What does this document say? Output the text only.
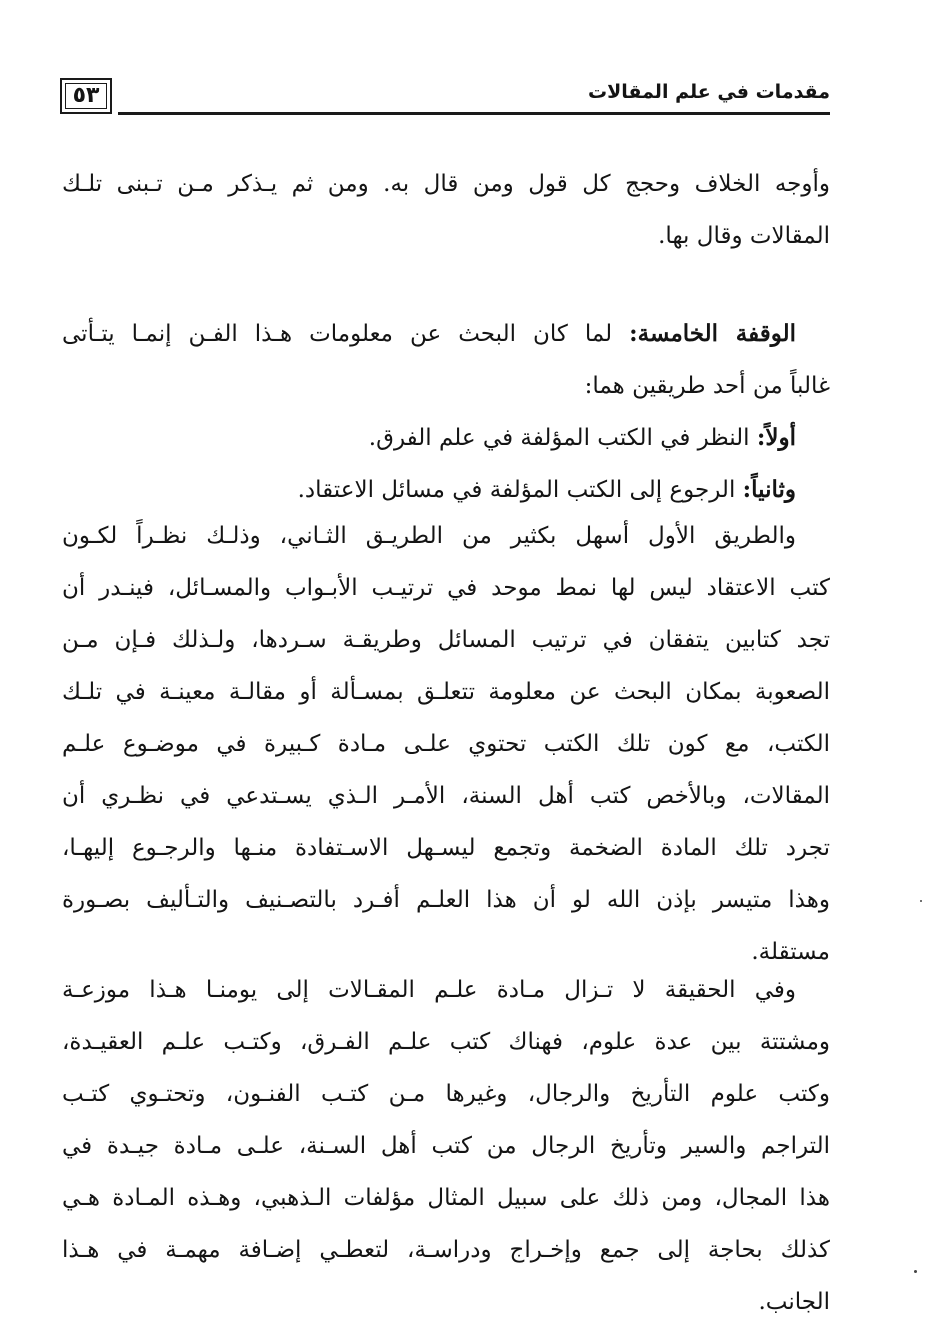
٥٣	مقدمات في علم المقالات
وأوجه الخلاف وحجج كل قول ومن قال به. ومن ثم يـذكر مـن تـبنى تلـك
المقالات وقال بها.
الوقفة الخامسة: لما كان البحث عن معلومات هـذا الفـن إنمـا يتـأتى
غالباً من أحد طريقين هما:
أولاً: النظر في الكتب المؤلفة في علم الفرق.
وثانياً: الرجوع إلى الكتب المؤلفة في مسائل الاعتقاد.
والطريق الأول أسهل بكثير من الطريـق الثـاني، وذلـك نظـراً لكـون
كتب الاعتقاد ليس لها نمط موحد في ترتيـب الأبـواب والمسـائل، فينـدر أن
تجد كتابين يتفقان في ترتيب المسائل وطريقـة سـردها، ولـذلك فـإن مـن
الصعوبة بمكان البحث عن معلومة تتعلـق بمسـألة أو مقالـة معينـة في تلـك
الكتب، مع كون تلك الكتب تحتوي علـى مـادة كـبيرة في موضـوع علـم
المقالات، وبالأخص كتب أهل السنة، الأمـر الـذي يسـتدعي في نظـري أن
تجرد تلك المادة الضخمة وتجمع ليسـهل الاسـتفادة منـها والرجـوع إليهـا،
وهذا متيسر بإذن الله لو أن هذا العلـم أفـرد بالتصـنيف والتـأليف بصـورة
مستقلة.
وفي الحقيقة لا تـزال مـادة علـم المقـالات إلى يومنـا هـذا موزعـة
ومشتتة بين عدة علوم، فهناك كتب علـم الفـرق، وكتـب علـم العقيـدة،
وكتب علوم التأريخ والرجال، وغيرها مـن كتـب الفنـون، وتحتـوي كتـب
التراجم والسير وتأريخ الرجال من كتب أهل السـنة، علـى مـادة جيـدة في
هذا المجال، ومن ذلك على سبيل المثال مؤلفات الـذهبي، وهـذه المـادة هـي
كذلك بحاجة إلى جمع وإخـراج ودراسـة، لتعطـي إضـافة مهمـة في هـذا
الجانب.
